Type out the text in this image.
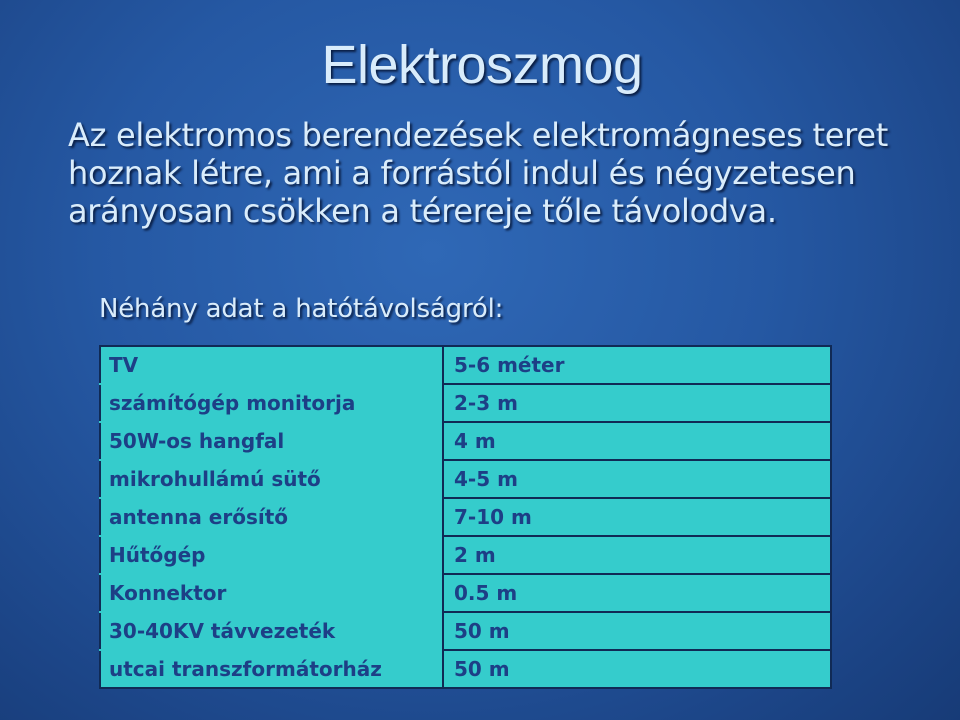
Elektroszmog

Az elektromos berendezések elektromágneses teret hoznak létre, ami a forrástól indul és négyzetesen arányosan csökken a térereje tőle távolodva.

Néhány adat a hatótávolságról:

TV	5-6 méter
számítógép monitorja	2-3 m
50W-os hangfal	4 m
mikrohullámú sütő	4-5 m
antenna erősítő	7-10 m
Hűtőgép	2 m
Konnektor	0.5 m
30-40KV távvezeték	50 m
utcai transzformátorház	50 m
